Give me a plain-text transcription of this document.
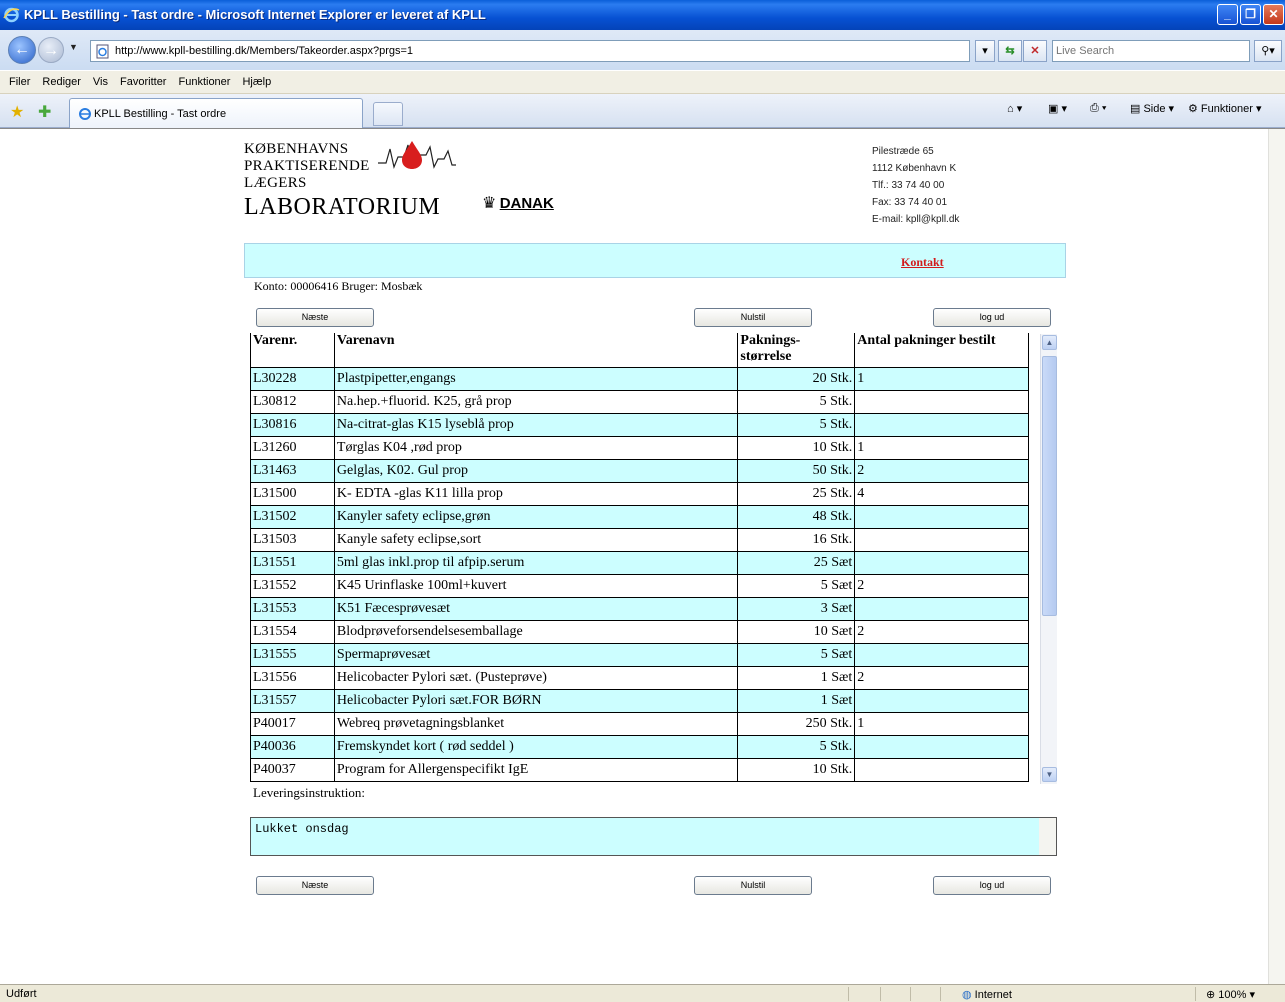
KPLL Bestilling - Tast ordre - Microsoft Internet Explorer er leveret af KPLL	_	❐	✕
← →	▼
http://www.kpll-bestilling.dk/Members/Takeorder.aspx?prgs=1	▾	⇆	✕
Live Search	⚲▾
Filer Rediger Vis Favoritter Funktioner Hjælp
★ ✚	KPLL Bestilling - Tast ordre	⌂ ▾ ▣ ▾ ⎙ ▾ ▤ Side ▾ ⚙ Funktioner ▾
KØBENHAVNS
PRAKTISERENDE
LÆGERS
LABORATORIUM	♛ DANAK
Pilestræde 65
1112 København K
Tlf.: 33 74 40 00
Fax: 33 74 40 01
E-mail: kpll@kpll.dk
Kontakt
Konto: 00006416 Bruger: Mosbæk
Næste	Nulstil	log ud
Varenr.	Varenavn	Paknings- størrelse	Antal pakninger bestilt
L30228	Plastpipetter,engangs	20 Stk.	1
L30812	Na.hep.+fluorid. K25, grå prop	5 Stk.	
L30816	Na-citrat-glas K15 lyseblå prop	5 Stk.	
L31260	Tørglas K04 ,rød prop	10 Stk.	1
L31463	Gelglas, K02. Gul prop	50 Stk.	2
L31500	K- EDTA -glas K11 lilla prop	25 Stk.	4
L31502	Kanyler safety eclipse,grøn	48 Stk.	
L31503	Kanyle safety eclipse,sort	16 Stk.	
L31551	5ml glas inkl.prop til afpip.serum	25 Sæt	
L31552	K45 Urinflaske 100ml+kuvert	5 Sæt	2
L31553	K51 Fæcesprøvesæt	3 Sæt	
L31554	Blodprøveforsendelsesemballage	10 Sæt	2
L31555	Spermaprøvesæt	5 Sæt	
L31556	Helicobacter Pylori sæt. (Pusteprøve)	1 Sæt	2
L31557	Helicobacter Pylori sæt.FOR BØRN	1 Sæt	
P40017	Webreq prøvetagningsblanket	250 Stk.	1
P40036	Fremskyndet kort ( rød seddel )	5 Stk.	
P40037	Program for Allergenspecifikt IgE	10 Stk.	
▲
▼
Leveringsinstruktion:
Lukket onsdag
Næste	Nulstil	log ud
Udført	◍ Internet	⊕ 100% ▾
